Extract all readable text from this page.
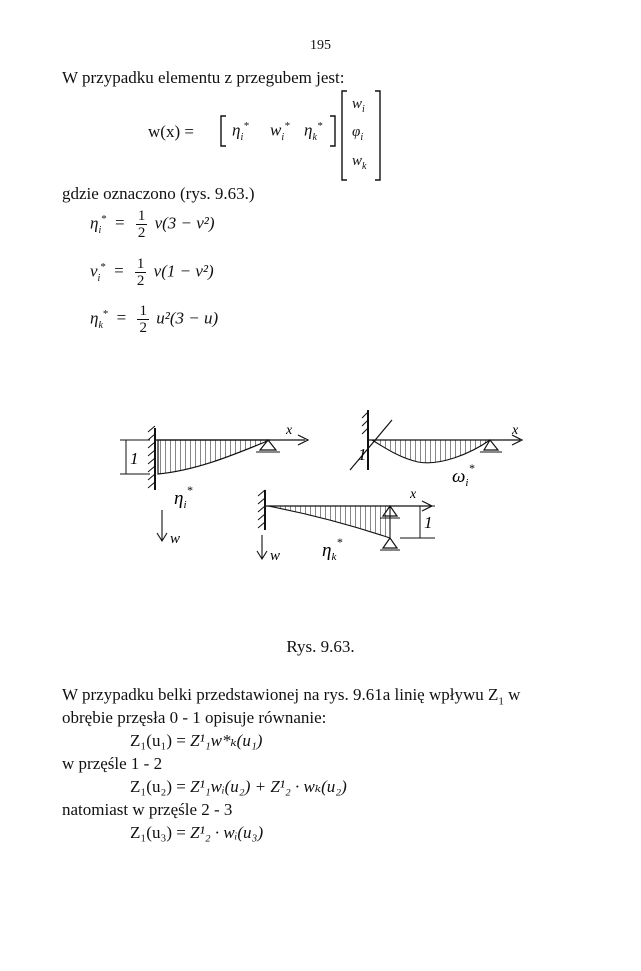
195
W przypadku elementu z przegubem jest:
$w(x) = \eta_i^*$ $w_i^*$ $\eta_k^*$
$w_i$
$\varphi_i$
$w_k$
gdzie oznaczono (rys. 9.63.)
$\eta_i^* = \frac{1}{2} v(3 - v^2)$
$v_i^* = \frac{1}{2} v(1 - v^2)$
$\eta_k^* = \frac{1}{2} u^2(3 - u)$
1
w
x
$\eta_i^*$
1
x
$\omega_i^*$
1
w
x
$\eta_k^*$
Rys. 9.63.
W przypadku belki przedstawionej na rys. 9.61a linię wpływu $Z_1$ w
obrębie przęsła 0 - 1 opisuje równanie:
Z₁(u₁) = Z¹₁w*ₖ(u₁)
w przęśle 1 - 2
Z₁(u₂) = Z¹₁wᵢ(u₂) + Z¹₂ · wₖ(u₂)
natomiast w przęśle 2 - 3
Z₁(u₃) = Z¹₂ · wᵢ(u₃)
